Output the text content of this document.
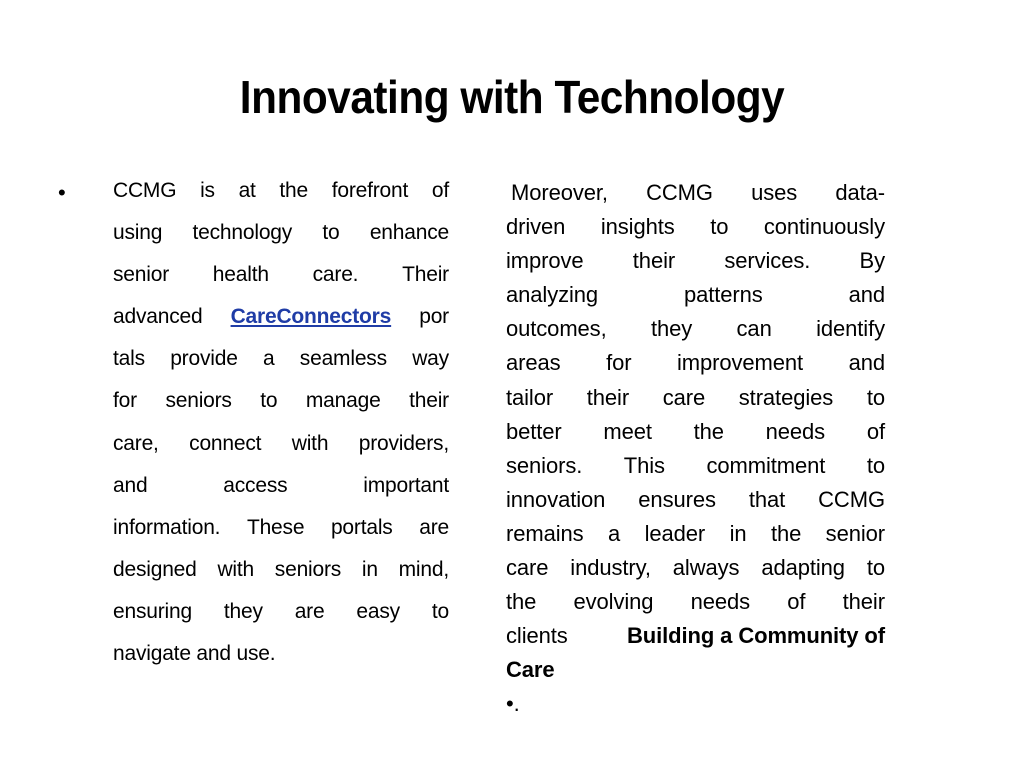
Innovating with Technology
• CCMG is at the forefront of
using technology to enhance
senior health care. Their
advanced CareConnectors por
tals provide a seamless way
for seniors to manage their
care, connect with providers,
and	access	important
information. These portals are
designed with seniors in mind,
ensuring they are easy to
navigate and use.
Moreover, CCMG uses data-
driven insights to continuously
improve their services. By
analyzing	patterns	and
outcomes, they can identify
areas for improvement and
tailor their care strategies to
better meet the needs of
seniors. This commitment to
innovation ensures that CCMG
remains a leader in the senior
care industry, always adapting to
the evolving needs of their
clients	Building a Community of
Care
•.
